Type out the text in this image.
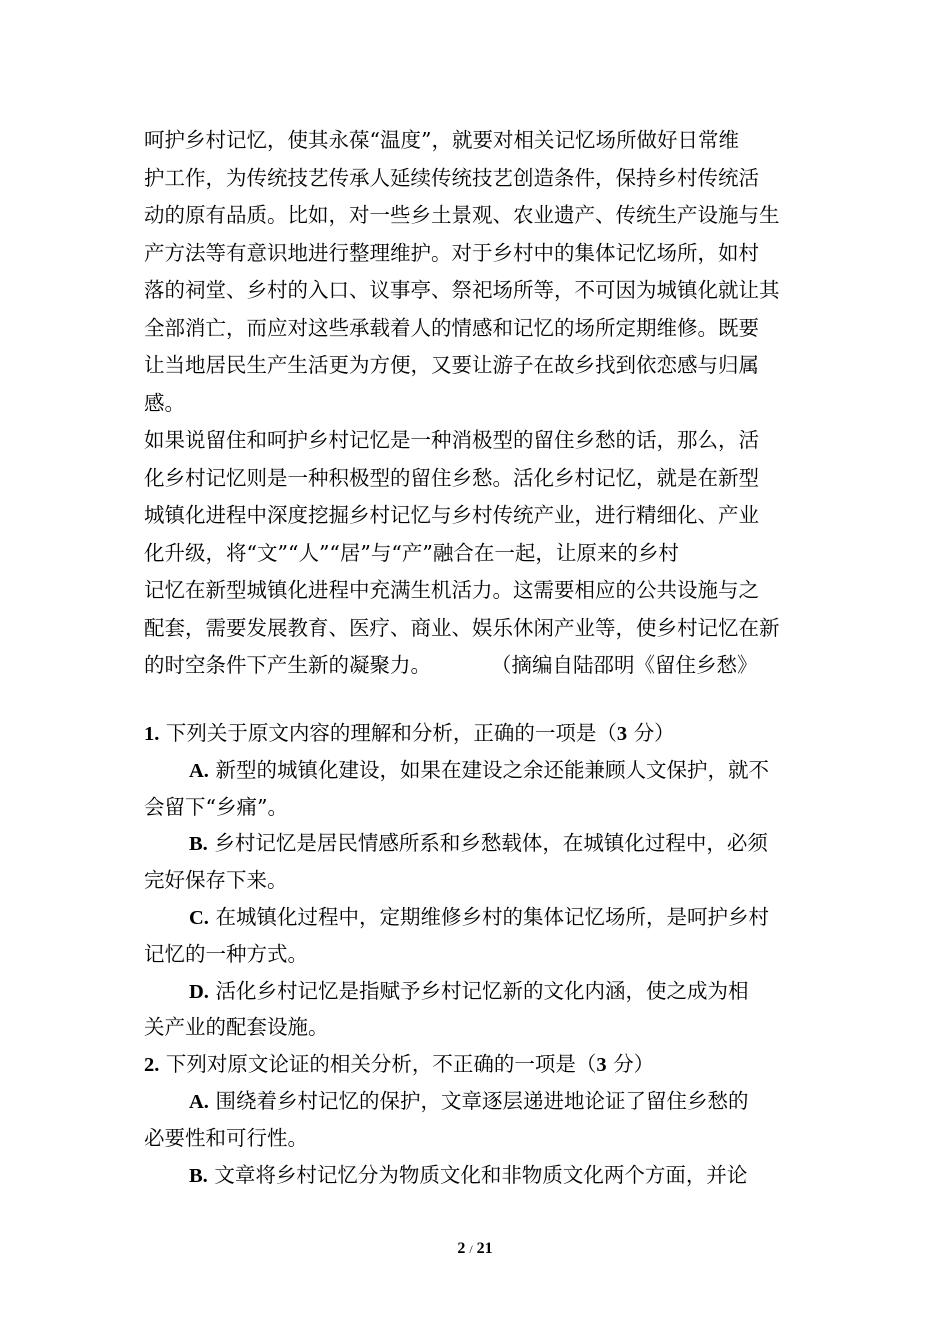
呵护乡村记忆，使其永葆“温度”，就要对相关记忆场所做好日常维
护工作，为传统技艺传承人延续传统技艺创造条件，保持乡村传统活
动的原有品质。比如，对一些乡土景观、农业遗产、传统生产设施与生
产方法等有意识地进行整理维护。对于乡村中的集体记忆场所，如村
落的祠堂、乡村的入口、议事亭、祭祀场所等，不可因为城镇化就让其
全部消亡，而应对这些承载着人的情感和记忆的场所定期维修。既要
让当地居民生产生活更为方便，又要让游子在故乡找到依恋感与归属
感。
如果说留住和呵护乡村记忆是一种消极型的留住乡愁的话，那么，活
化乡村记忆则是一种积极型的留住乡愁。活化乡村记忆，就是在新型
城镇化进程中深度挖掘乡村记忆与乡村传统产业，进行精细化、产业
化升级，将“文”“人”“居”与“产”融合在一起，让原来的乡村
记忆在新型城镇化进程中充满生机活力。这需要相应的公共设施与之
配套，需要发展教育、医疗、商业、娱乐休闲产业等，使乡村记忆在新
的时空条件下产生新的凝聚力。	（摘编自陆邵明《留住乡愁》
1. 下列关于原文内容的理解和分析，正确的一项是（3 分）
A. 新型的城镇化建设，如果在建设之余还能兼顾人文保护，就不
会留下“乡痛”。
B. 乡村记忆是居民情感所系和乡愁载体，在城镇化过程中，必须
完好保存下来。
C. 在城镇化过程中，定期维修乡村的集体记忆场所，是呵护乡村
记忆的一种方式。
D. 活化乡村记忆是指赋予乡村记忆新的文化内涵，使之成为相
关产业的配套设施。
2. 下列对原文论证的相关分析，不正确的一项是（3 分）
A. 围绕着乡村记忆的保护，文章逐层递进地论证了留住乡愁的
必要性和可行性。
B. 文章将乡村记忆分为物质文化和非物质文化两个方面，并论
2 / 21
